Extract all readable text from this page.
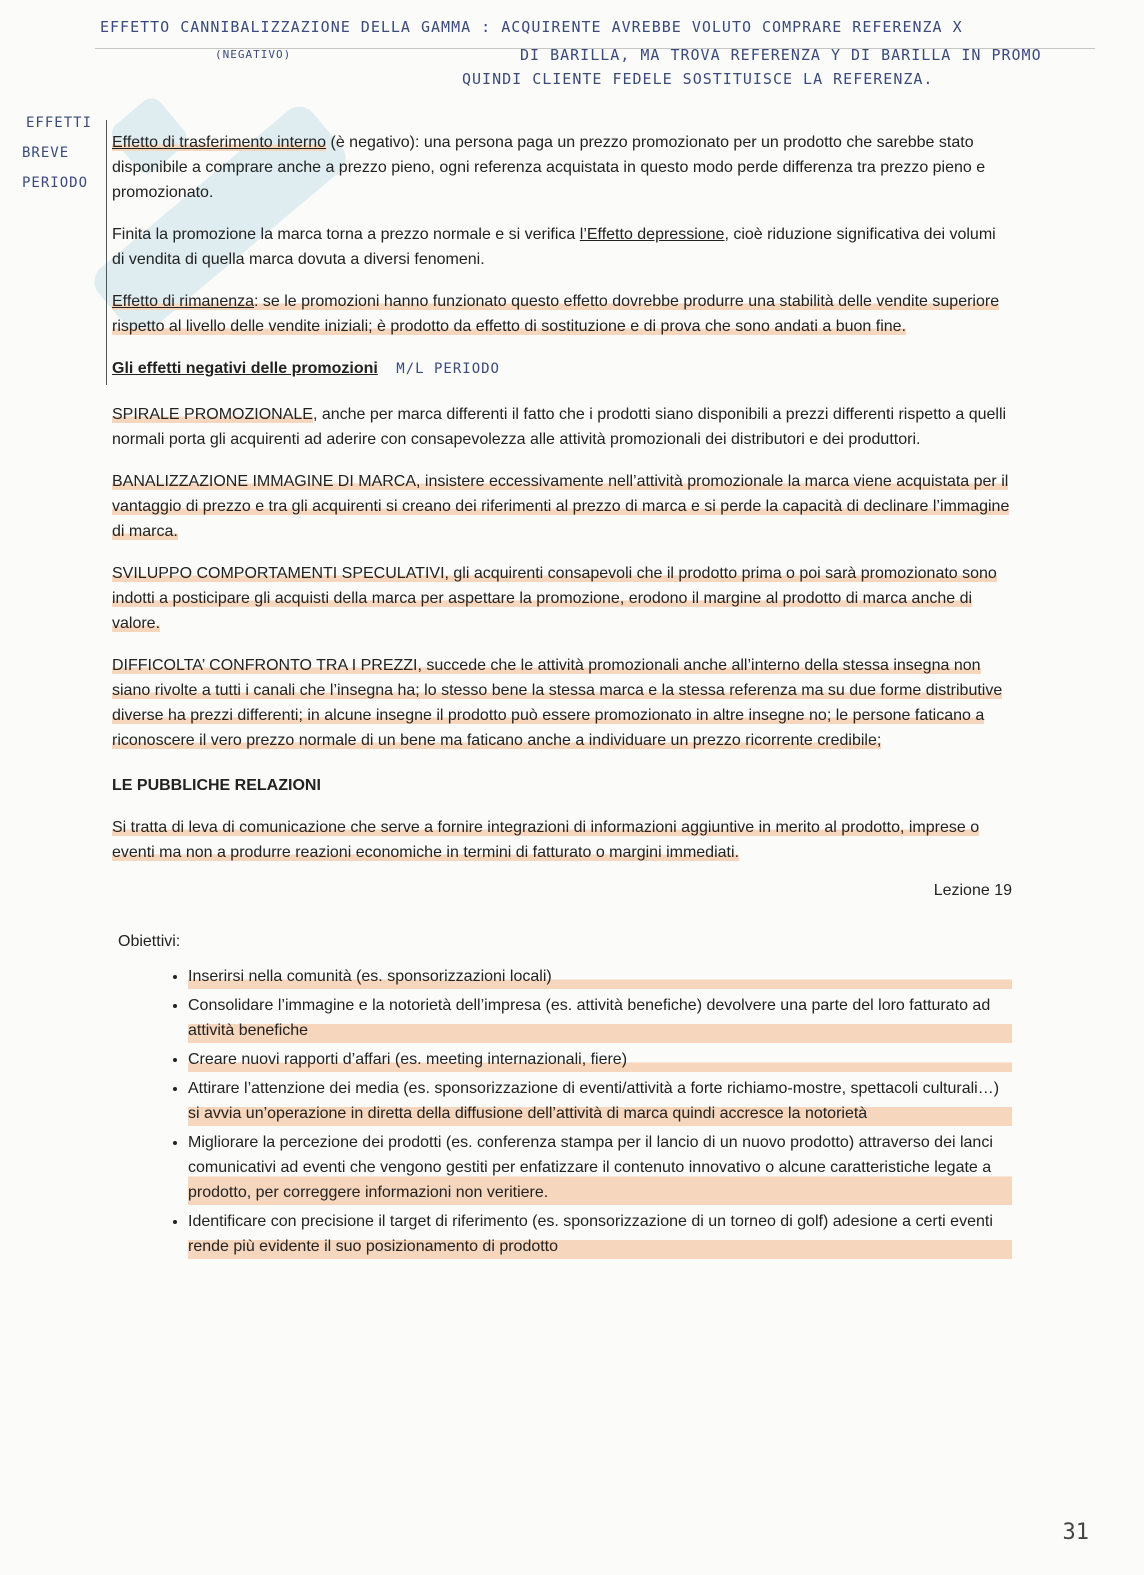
EFFETTO CANNIBALIZZAZIONE DELLA GAMMA : ACQUIRENTE AVREBBE VOLUTO COMPRARE REFERENZA X
(NEGATIVO)	DI BARILLA, MA TROVA REFERENZA Y DI BARILLA IN PROMO
QUINDI CLIENTE FEDELE SOSTITUISCE LA REFERENZA.
EFFETTI
BREVE
PERIODO

Effetto di trasferimento interno (è negativo): una persona paga un prezzo promozionato per un prodotto che sarebbe stato disponibile a comprare anche a prezzo pieno, ogni referenza acquistata in questo modo perde differenza tra prezzo pieno e promozionato.

Finita la promozione la marca torna a prezzo normale e si verifica l’Effetto depressione, cioè riduzione significativa dei volumi di vendita di quella marca dovuta a diversi fenomeni.

Effetto di rimanenza: se le promozioni hanno funzionato questo effetto dovrebbe produrre una stabilità delle vendite superiore rispetto al livello delle vendite iniziali; è prodotto da effetto di sostituzione e di prova che sono andati a buon fine.

Gli effetti negativi delle promozioni M/L PERIODO

SPIRALE PROMOZIONALE, anche per marca differenti il fatto che i prodotti siano disponibili a prezzi differenti rispetto a quelli normali porta gli acquirenti ad aderire con consapevolezza alle attività promozionali dei distributori e dei produttori.

BANALIZZAZIONE IMMAGINE DI MARCA, insistere eccessivamente nell’attività promozionale la marca viene acquistata per il vantaggio di prezzo e tra gli acquirenti si creano dei riferimenti al prezzo di marca e si perde la capacità di declinare l’immagine di marca.

SVILUPPO COMPORTAMENTI SPECULATIVI, gli acquirenti consapevoli che il prodotto prima o poi sarà promozionato sono indotti a posticipare gli acquisti della marca per aspettare la promozione, erodono il margine al prodotto di marca anche di valore.

DIFFICOLTA’ CONFRONTO TRA I PREZZI, succede che le attività promozionali anche all’interno della stessa insegna non siano rivolte a tutti i canali che l’insegna ha; lo stesso bene la stessa marca e la stessa referenza ma su due forme distributive diverse ha prezzi differenti; in alcune insegne il prodotto può essere promozionato in altre insegne no; le persone faticano a riconoscere il vero prezzo normale di un bene ma faticano anche a individuare un prezzo ricorrente credibile;

LE PUBBLICHE RELAZIONI

Si tratta di leva di comunicazione che serve a fornire integrazioni di informazioni aggiuntive in merito al prodotto, imprese o eventi ma non a produrre reazioni economiche in termini di fatturato o margini immediati.

Lezione 19
Obiettivi:
• Inserirsi nella comunità (es. sponsorizzazioni locali)
• Consolidare l’immagine e la notorietà dell’impresa (es. attività benefiche) devolvere una parte del loro fatturato ad attività benefiche
• Creare nuovi rapporti d’affari (es. meeting internazionali, fiere)
• Attirare l’attenzione dei media (es. sponsorizzazione di eventi/attività a forte richiamo-mostre, spettacoli culturali…) si avvia un’operazione in diretta della diffusione dell’attività di marca quindi accresce la notorietà
• Migliorare la percezione dei prodotti (es. conferenza stampa per il lancio di un nuovo prodotto) attraverso dei lanci comunicativi ad eventi che vengono gestiti per enfatizzare il contenuto innovativo o alcune caratteristiche legate a prodotto, per correggere informazioni non veritiere.
• Identificare con precisione il target di riferimento (es. sponsorizzazione di un torneo di golf) adesione a certi eventi rende più evidente il suo posizionamento di prodotto
31
